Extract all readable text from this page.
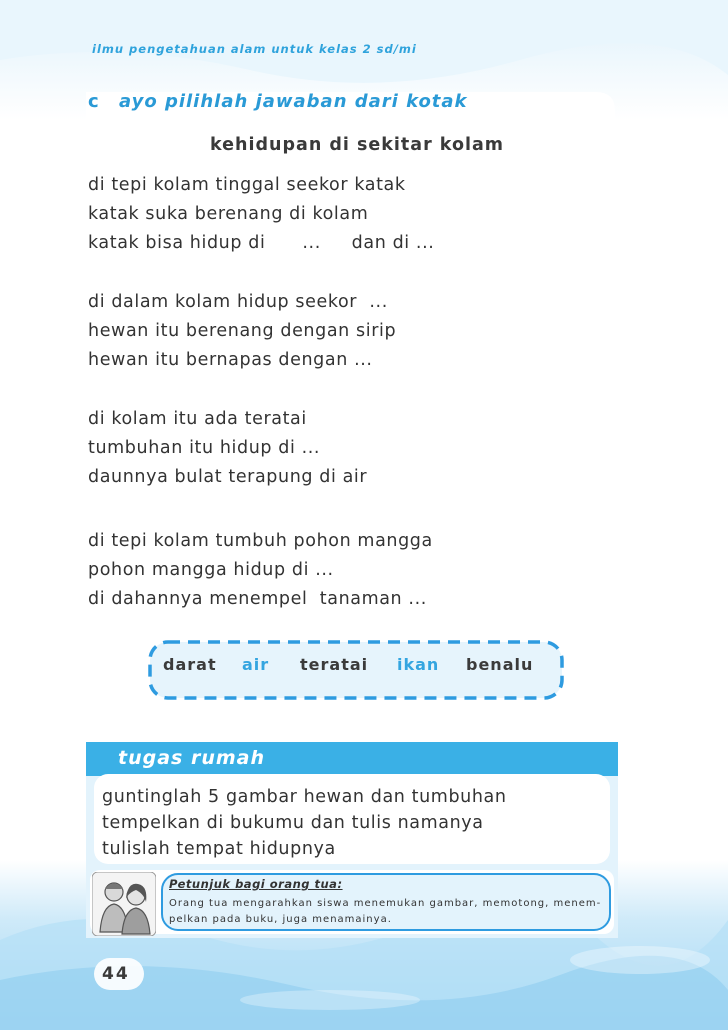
ilmu pengetahuan alam untuk kelas 2 sd/mi
c ayo pilihlah jawaban dari kotak
kehidupan di sekitar kolam
di tepi kolam tinggal seekor katak
katak suka berenang di kolam
katak bisa hidup di      ...     dan di ...
di dalam kolam hidup seekor  ...
hewan itu berenang dengan sirip
hewan itu bernapas dengan ...
di kolam itu ada teratai
tumbuhan itu hidup di ...
daunnya bulat terapung di air
di tepi kolam tumbuh pohon mangga
pohon mangga hidup di ...
di dahannya menempel  tanaman ...
darat air teratai ikan benalu
tugas rumah
guntinglah 5 gambar hewan dan tumbuhan
tempelkan di bukumu dan tulis namanya
tulislah tempat hidupnya
Petunjuk bagi orang tua:
Orang tua mengarahkan siswa menemukan gambar, memotong, menem-
pelkan pada buku, juga menamainya.
44
